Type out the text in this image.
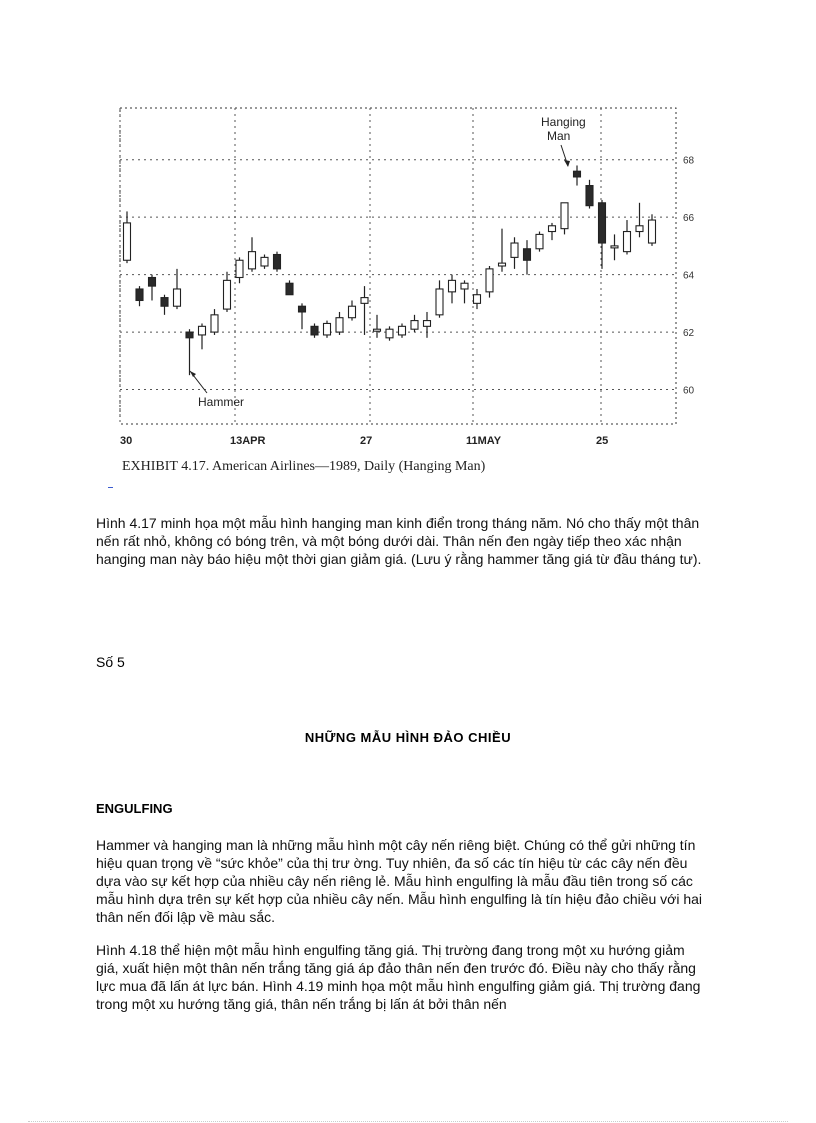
68
66
64
62
60
30	13APR	27	11MAY	25
Hammer
Hanging
Man
EXHIBIT 4.17. American Airlines—1989, Daily (Hanging Man)

Hình 4.17 minh họa một mẫu hình hanging man kinh điển trong tháng năm. Nó cho thấy một thân nến rất nhỏ, không có bóng trên, và một bóng dưới dài. Thân nến đen ngày tiếp theo xác nhận hanging man này báo hiệu một thời gian giảm giá. (Lưu ý rằng hammer tăng giá từ đầu tháng tư).

Số 5
NHỮNG MẪU HÌNH ĐẢO CHIỀU
ENGULFING

Hammer và hanging man là những mẫu hình một cây nến riêng biệt. Chúng có thể gửi những tín hiệu quan trọng về “sức khỏe” của thị trư ờng. Tuy nhiên, đa số các tín hiệu từ các cây nến đều dựa vào sự kết hợp của nhiều cây nến riêng lẻ. Mẫu hình engulfing là mẫu đầu tiên trong số các mẫu hình dựa trên sự kết hợp của nhiều cây nến. Mẫu hình engulfing là tín hiệu đảo chiều với hai thân nến đối lập về màu sắc.

Hình 4.18 thể hiện một mẫu hình engulfing tăng giá. Thị trường đang trong một xu hướng giảm giá, xuất hiện một thân nến trắng tăng giá áp đảo thân nến đen trước đó. Điều này cho thấy rằng lực mua đã lấn át lực bán. Hình 4.19 minh họa một mẫu hình engulfing giảm giá. Thị trường đang trong một xu hướng tăng giá, thân nến trắng bị lấn át bởi thân nến
